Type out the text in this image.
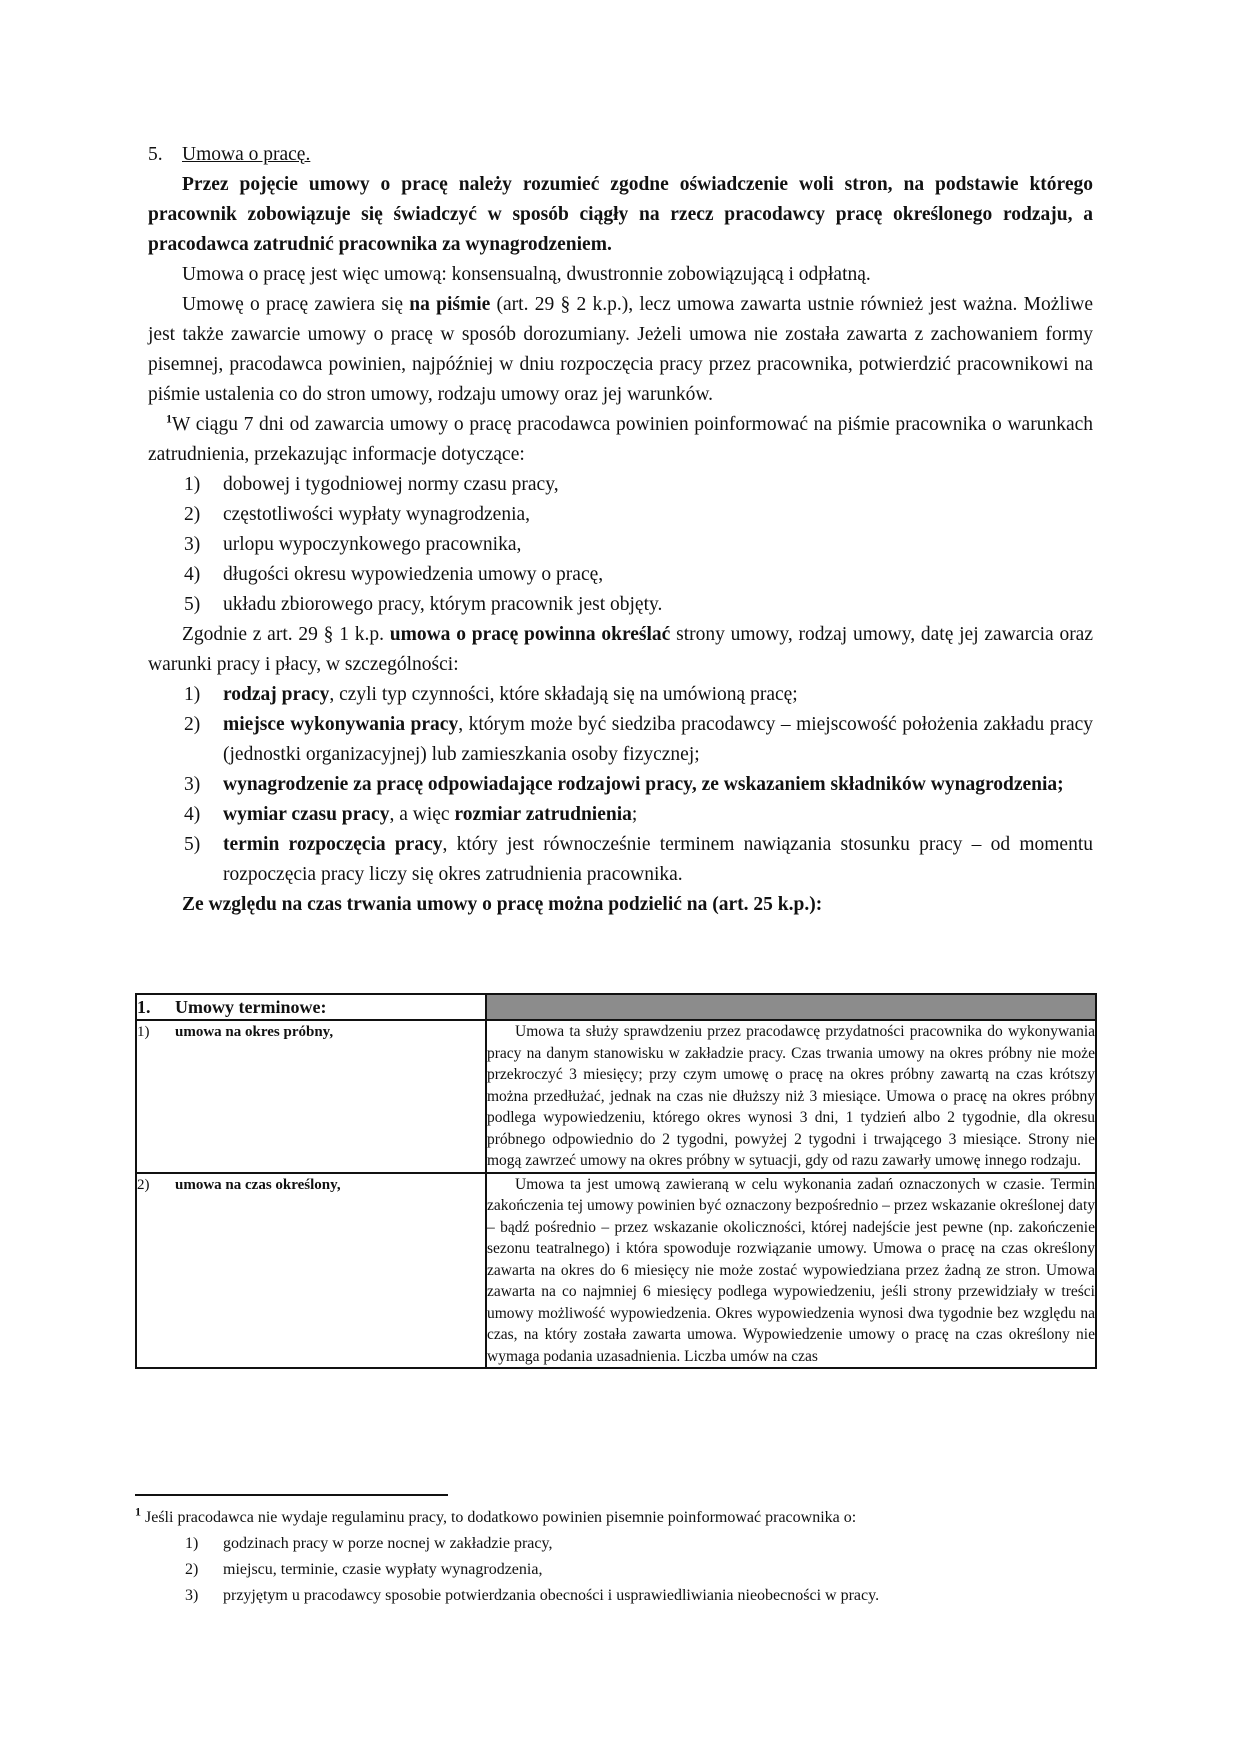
5. Umowa o pracę.

Przez pojęcie umowy o pracę należy rozumieć zgodne oświadczenie woli stron, na podstawie którego pracownik zobowiązuje się świadczyć w sposób ciągły na rzecz pracodawcy pracę określonego rodzaju, a pracodawca zatrudnić pracownika za wynagrodzeniem.

Umowa o pracę jest więc umową: konsensualną, dwustronnie zobowiązującą i odpłatną.

Umowę o pracę zawiera się na piśmie (art. 29 § 2 k.p.), lecz umowa zawarta ustnie również jest ważna. Możliwe jest także zawarcie umowy o pracę w sposób dorozumiany. Jeżeli umowa nie została zawarta z zachowaniem formy pisemnej, pracodawca powinien, najpóźniej w dniu rozpoczęcia pracy przez pracownika, potwierdzić pracownikowi na piśmie ustalenia co do stron umowy, rodzaju umowy oraz jej warunków.

$^1$W ciągu 7 dni od zawarcia umowy o pracę pracodawca powinien poinformować na piśmie pracownika o warunkach zatrudnienia, przekazując informacje dotyczące:

1) dobowej i tygodniowej normy czasu pracy,
2) częstotliwości wypłaty wynagrodzenia,
3) urlopu wypoczynkowego pracownika,
4) długości okresu wypowiedzenia umowy o pracę,
5) układu zbiorowego pracy, którym pracownik jest objęty.

Zgodnie z art. 29 § 1 k.p. umowa o pracę powinna określać strony umowy, rodzaj umowy, datę jej zawarcia oraz warunki pracy i płacy, w szczególności:

1) rodzaj pracy, czyli typ czynności, które składają się na umówioną pracę;
2) miejsce wykonywania pracy, którym może być siedziba pracodawcy – miejscowość położenia zakładu pracy (jednostki organizacyjnej) lub zamieszkania osoby fizycznej;
3) wynagrodzenie za pracę odpowiadające rodzajowi pracy, ze wskazaniem składników wynagrodzenia;
4) wymiar czasu pracy, a więc rozmiar zatrudnienia;
5) termin rozpoczęcia pracy, który jest równocześnie terminem nawiązania stosunku pracy – od momentu rozpoczęcia pracy liczy się okres zatrudnienia pracownika.

Ze względu na czas trwania umowy o pracę można podzielić na (art. 25 k.p.):

1. Umowy terminowe:	
1) umowa na okres próbny,	Umowa ta służy sprawdzeniu przez pracodawcę przydatności pracownika do wykonywania pracy na danym stanowisku w zakładzie pracy. Czas trwania umowy na okres próbny nie może przekroczyć 3 miesięcy; przy czym umowę o pracę na okres próbny zawartą na czas krótszy można przedłużać, jednak na czas nie dłuższy niż 3 miesiące. Umowa o pracę na okres próbny podlega wypowiedzeniu, którego okres wynosi 3 dni, 1 tydzień albo 2 tygodnie, dla okresu próbnego odpowiednio do 2 tygodni, powyżej 2 tygodni i trwającego 3 miesiące. Strony nie mogą zawrzeć umowy na okres próbny w sytuacji, gdy od razu zawarły umowę innego rodzaju.
2) umowa na czas określony,	Umowa ta jest umową zawieraną w celu wykonania zadań oznaczonych w czasie. Termin zakończenia tej umowy powinien być oznaczony bezpośrednio – przez wskazanie określonej daty – bądź pośrednio – przez wskazanie okoliczności, której nadejście jest pewne (np. zakończenie sezonu teatralnego) i która spowoduje rozwiązanie umowy. Umowa o pracę na czas określony zawarta na okres do 6 miesięcy nie może zostać wypowiedziana przez żadną ze stron. Umowa zawarta na co najmniej 6 miesięcy podlega wypowiedzeniu, jeśli strony przewidziały w treści umowy możliwość wypowiedzenia. Okres wypowiedzenia wynosi dwa tygodnie bez względu na czas, na który została zawarta umowa. Wypowiedzenie umowy o pracę na czas określony nie wymaga podania uzasadnienia. Liczba umów na czas

$^1$ Jeśli pracodawca nie wydaje regulaminu pracy, to dodatkowo powinien pisemnie poinformować pracownika o:

1) godzinach pracy w porze nocnej w zakładzie pracy,
2) miejscu, terminie, czasie wypłaty wynagrodzenia,
3) przyjętym u pracodawcy sposobie potwierdzania obecności i usprawiedliwiania nieobecności w pracy.
